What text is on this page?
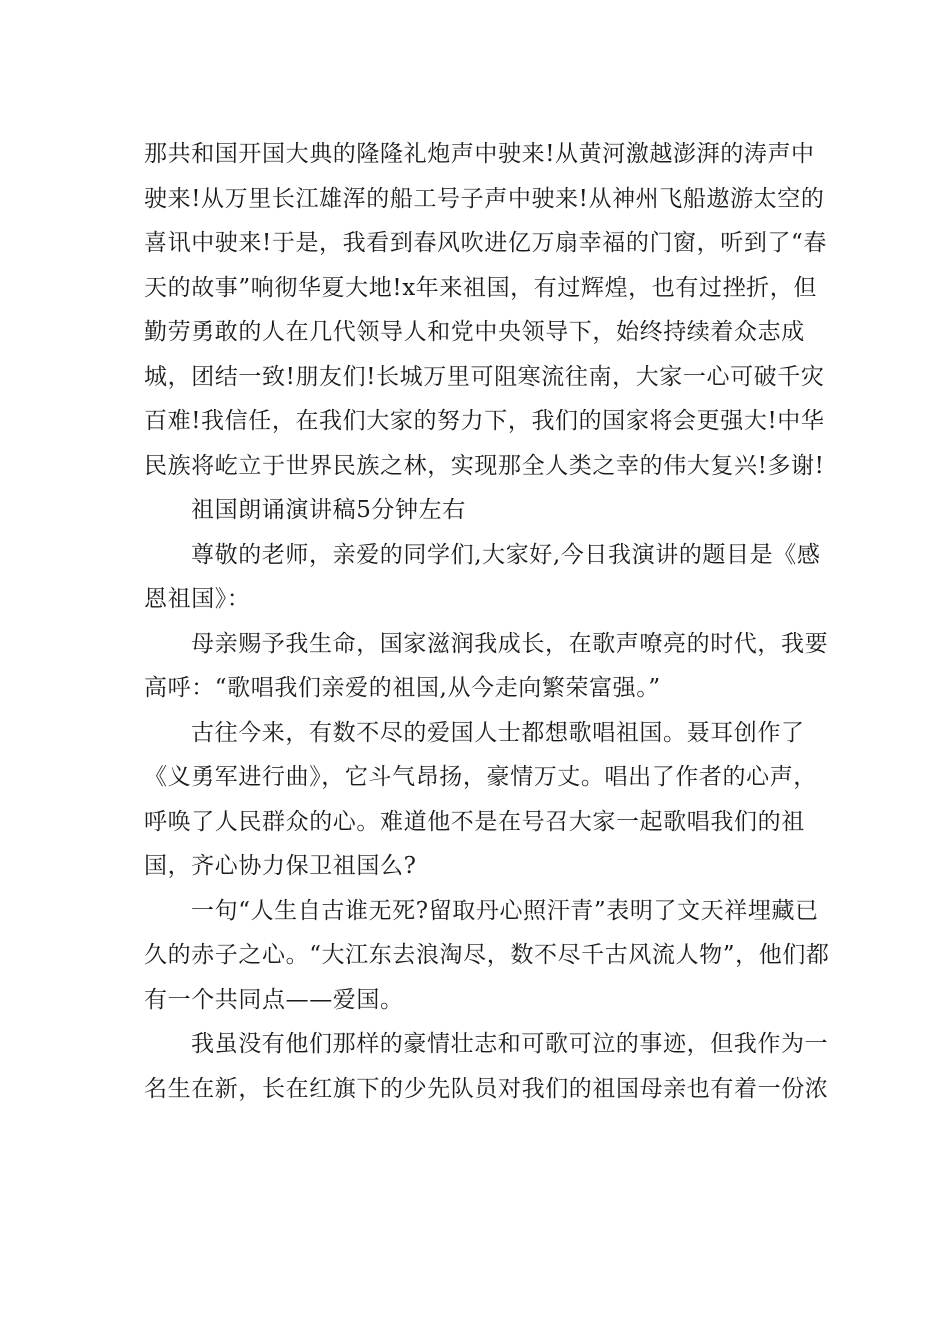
那共和国开国大典的隆隆礼炮声中驶来!从黄河激越澎湃的涛声中驶来!从万里长江雄浑的船工号子声中驶来!从神州飞船遨游太空的喜讯中驶来!于是，我看到春风吹进亿万扇幸福的门窗，听到了“春天的故事”响彻华夏大地!x年来祖国，有过辉煌，也有过挫折，但勤劳勇敢的人在几代领导人和党中央领导下，始终持续着众志成城，团结一致!朋友们!长城万里可阻寒流往南，大家一心可破千灾百难!我信任，在我们大家的努力下，我们的国家将会更强大!中华民族将屹立于世界民族之林，实现那全人类之幸的伟大复兴!多谢!

祖国朗诵演讲稿5分钟左右

尊敬的老师，亲爱的同学们,大家好,今日我演讲的题目是《感恩祖国》：

母亲赐予我生命，国家滋润我成长，在歌声嘹亮的时代，我要高呼：“歌唱我们亲爱的祖国,从今走向繁荣富强。”

古往今来，有数不尽的爱国人士都想歌唱祖国。聂耳创作了《义勇军进行曲》，它斗气昂扬，豪情万丈。唱出了作者的心声，呼唤了人民群众的心。难道他不是在号召大家一起歌唱我们的祖国，齐心协力保卫祖国么?

一句“人生自古谁无死?留取丹心照汗青”表明了文天祥埋藏已久的赤子之心。“大江东去浪淘尽，数不尽千古风流人物”，他们都有一个共同点——爱国。

我虽没有他们那样的豪情壮志和可歌可泣的事迹，但我作为一名生在新，长在红旗下的少先队员对我们的祖国母亲也有着一份浓
